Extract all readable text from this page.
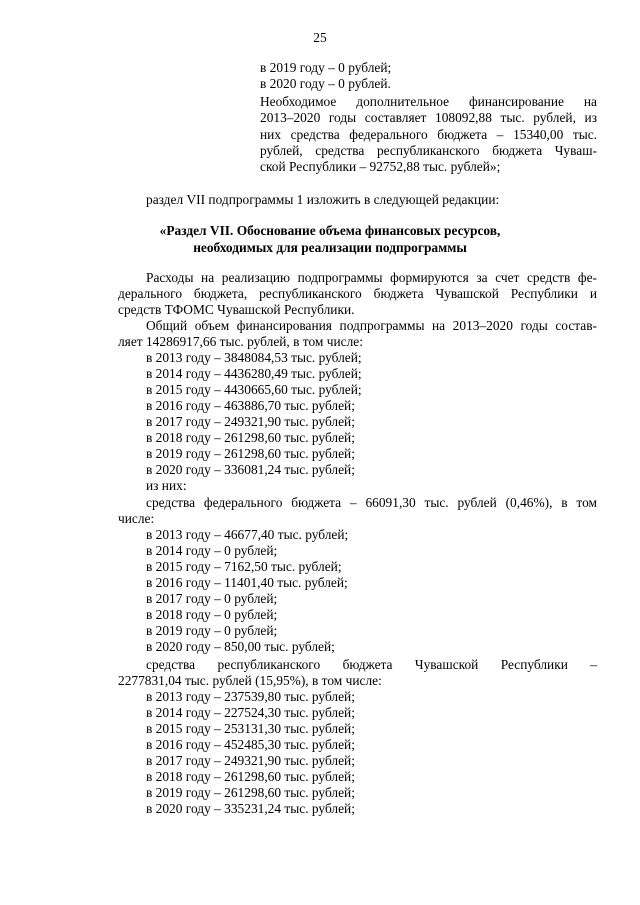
25
в 2019 году – 0 рублей;
в 2020 году – 0 рублей.
Необходимое дополнительное финансирование на
2013–2020 годы составляет 108092,88 тыс. рублей, из
них средства федерального бюджета – 15340,00 тыс.
рублей, средства республиканского бюджета Чуваш-
ской Республики – 92752,88 тыс. рублей»;
раздел VII подпрограммы 1 изложить в следующей редакции:
«Раздел VII. Обоснование объема финансовых ресурсов,
необходимых для реализации подпрограммы
Расходы на реализацию подпрограммы формируются за счет средств фе-
дерального бюджета, республиканского бюджета Чувашской Республики и
средств ТФОМС Чувашской Республики.
Общий объем финансирования подпрограммы на 2013–2020 годы состав-
ляет 14286917,66 тыс. рублей, в том числе:
в 2013 году – 3848084,53 тыс. рублей;
в 2014 году – 4436280,49 тыс. рублей;
в 2015 году – 4430665,60 тыс. рублей;
в 2016 году – 463886,70 тыс. рублей;
в 2017 году – 249321,90 тыс. рублей;
в 2018 году – 261298,60 тыс. рублей;
в 2019 году – 261298,60 тыс. рублей;
в 2020 году – 336081,24 тыс. рублей;
из них:
средства федерального бюджета – 66091,30 тыс. рублей (0,46%), в том
числе:
в 2013 году – 46677,40 тыс. рублей;
в 2014 году – 0 рублей;
в 2015 году – 7162,50 тыс. рублей;
в 2016 году – 11401,40 тыс. рублей;
в 2017 году – 0 рублей;
в 2018 году – 0 рублей;
в 2019 году – 0 рублей;
в 2020 году – 850,00 тыс. рублей;
средства республиканского бюджета Чувашской Республики –
2277831,04 тыс. рублей (15,95%), в том числе:
в 2013 году – 237539,80 тыс. рублей;
в 2014 году – 227524,30 тыс. рублей;
в 2015 году – 253131,30 тыс. рублей;
в 2016 году – 452485,30 тыс. рублей;
в 2017 году – 249321,90 тыс. рублей;
в 2018 году – 261298,60 тыс. рублей;
в 2019 году – 261298,60 тыс. рублей;
в 2020 году – 335231,24 тыс. рублей;
